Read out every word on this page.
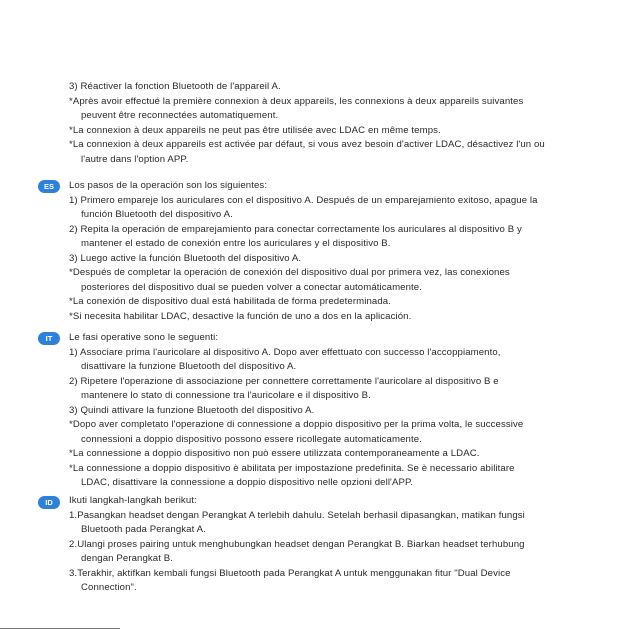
3) Réactiver la fonction Bluetooth de l'appareil A.
*Après avoir effectué la première connexion à deux appareils, les connexions à deux appareils suivantes
peuvent être reconnectées automatiquement.
*La connexion à deux appareils ne peut pas être utilisée avec LDAC en même temps.
*La connexion à deux appareils est activée par défaut, si vous avez besoin d'activer LDAC, désactivez l'un ou
l'autre dans l'option APP.
ES	Los pasos de la operación son los siguientes:
1) Primero empareje los auriculares con el dispositivo A. Después de un emparejamiento exitoso, apague la
función Bluetooth del dispositivo A.
2) Repita la operación de emparejamiento para conectar correctamente los auriculares al dispositivo B y
mantener el estado de conexión entre los auriculares y el dispositivo B.
3) Luego active la función Bluetooth del dispositivo A.
*Después de completar la operación de conexión del dispositivo dual por primera vez, las conexiones
posteriores del dispositivo dual se pueden volver a conectar automáticamente.
*La conexión de dispositivo dual está habilitada de forma predeterminada.
*Si necesita habilitar LDAC, desactive la función de uno a dos en la aplicación.
IT	Le fasi operative sono le seguenti:
1) Associare prima l'auricolare al dispositivo A. Dopo aver effettuato con successo l'accoppiamento,
disattivare la funzione Bluetooth del dispositivo A.
2) Ripetere l'operazione di associazione per connettere correttamente l'auricolare al dispositivo B e
mantenere lo stato di connessione tra l'auricolare e il dispositivo B.
3) Quindi attivare la funzione Bluetooth del dispositivo A.
*Dopo aver completato l'operazione di connessione a doppio dispositivo per la prima volta, le successive
connessioni a doppio dispositivo possono essere ricollegate automaticamente.
*La connessione a doppio dispositivo non può essere utilizzata contemporaneamente a LDAC.
*La connessione a doppio dispositivo è abilitata per impostazione predefinita. Se è necessario abilitare
LDAC, disattivare la connessione a doppio dispositivo nelle opzioni dell'APP.
ID	Ikuti langkah-langkah berikut:
1.Pasangkan headset dengan Perangkat A terlebih dahulu. Setelah berhasil dipasangkan, matikan fungsi
Bluetooth pada Perangkat A.
2.Ulangi proses pairing untuk menghubungkan headset dengan Perangkat B. Biarkan headset terhubung
dengan Perangkat B.
3.Terakhir, aktifkan kembali fungsi Bluetooth pada Perangkat A untuk menggunakan fitur "Dual Device
Connection".
